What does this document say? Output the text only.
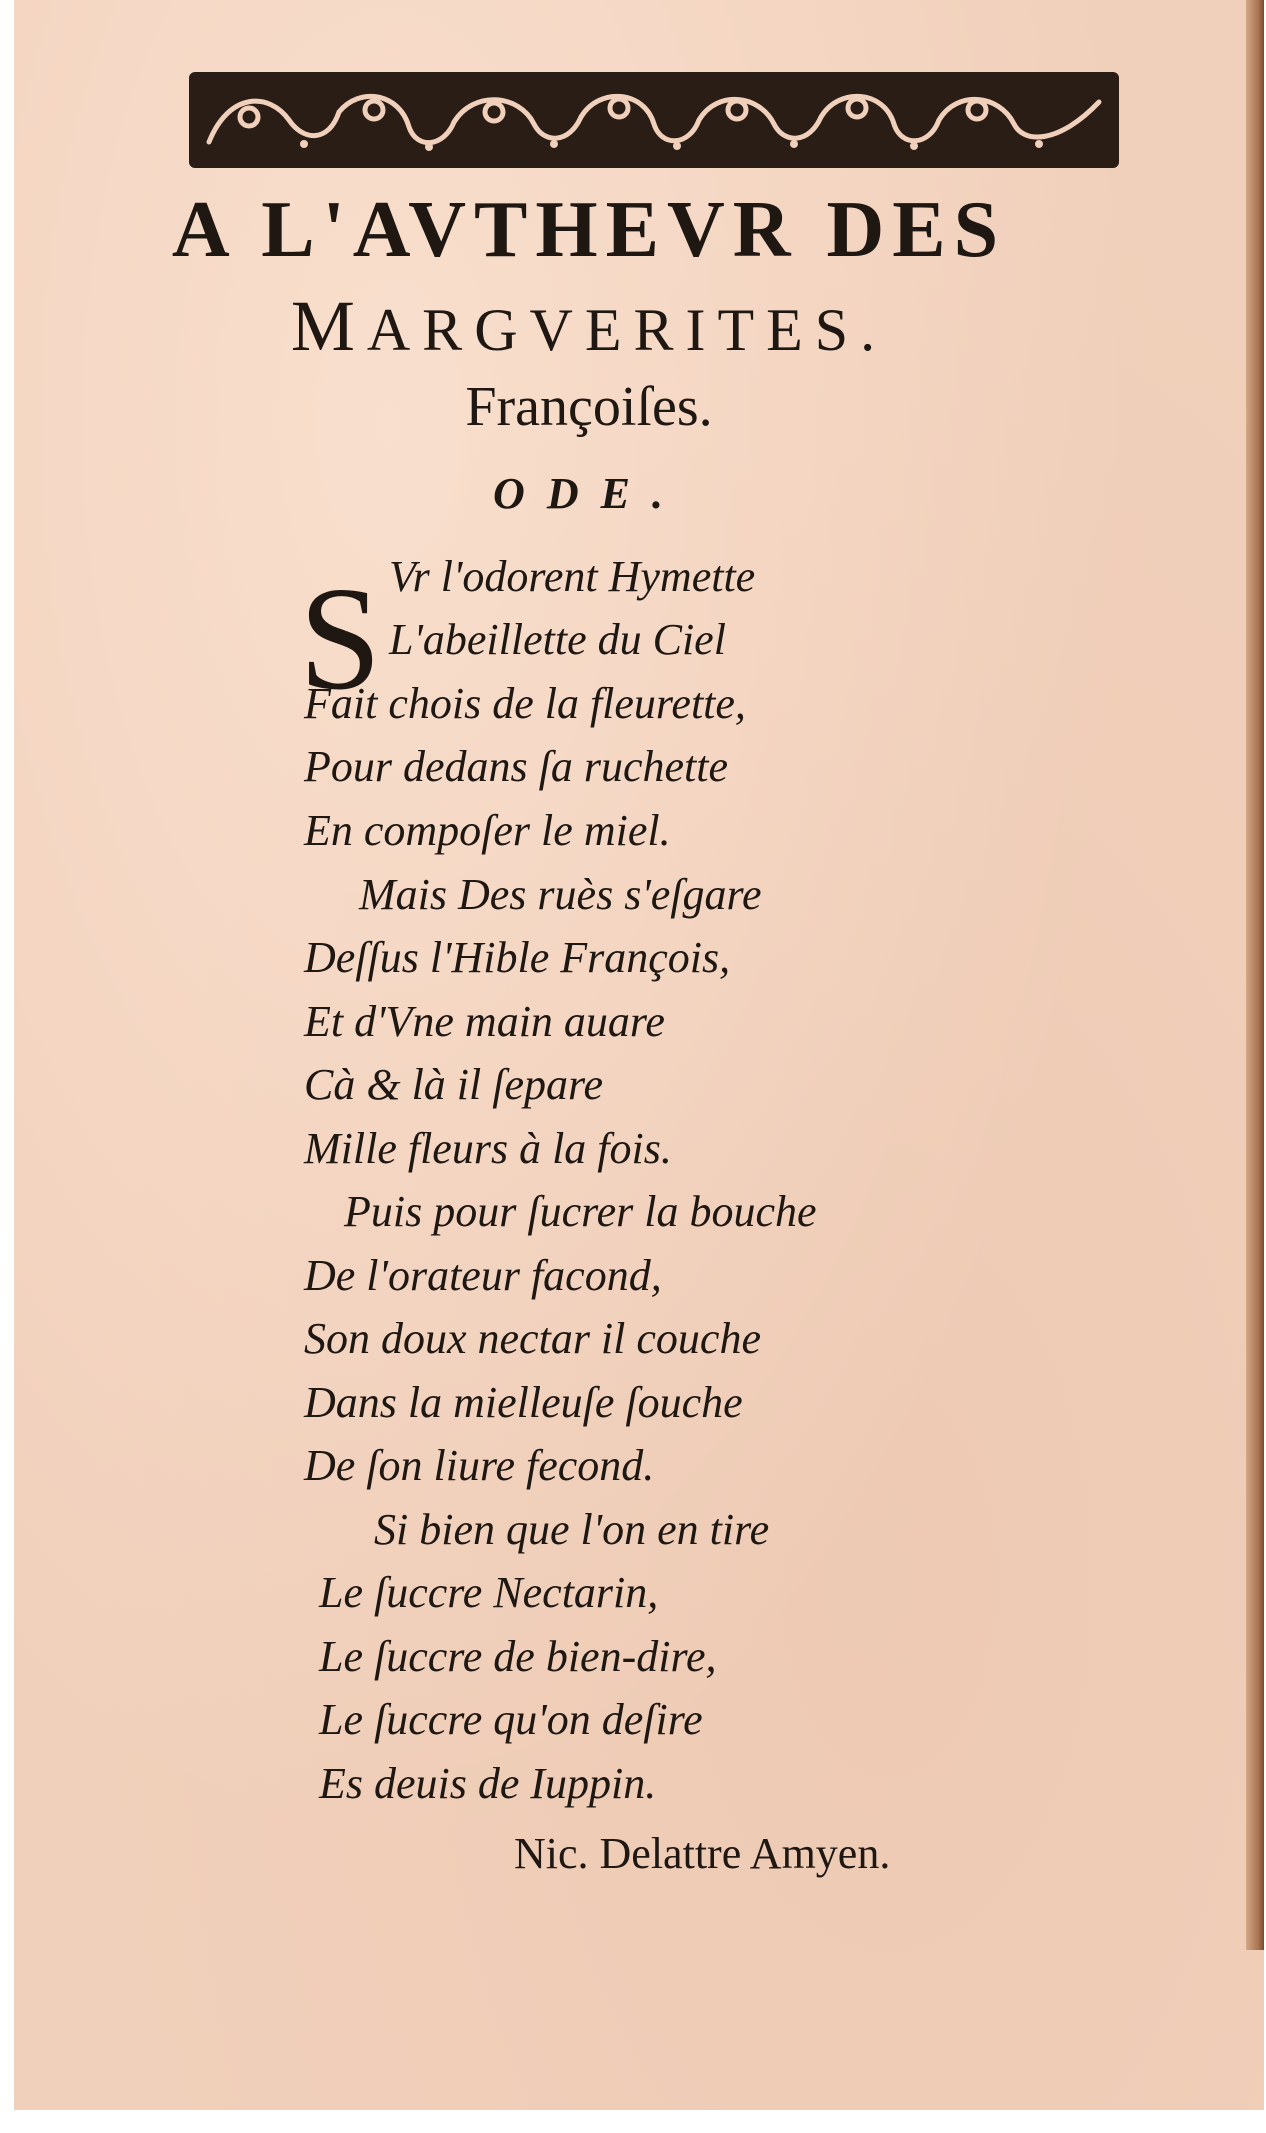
A L'AVTHEVR DES
MARGVERITES.
Françoiſes.
ODE.
S Vr l'odorent Hymette
L'abeillette du Ciel
Fait chois de la fleurette,
Pour dedans ſa ruchette
En compoſer le miel.
Mais Des ruès s'eſgare
Deſſus l'Hible François,
Et d'Vne main auare
Cà & là il ſepare
Mille fleurs à la fois.
Puis pour ſucrer la bouche
De l'orateur facond,
Son doux nectar il couche
Dans la mielleuſe ſouche
De ſon liure fecond.
Si bien que l'on en tire
Le ſuccre Nectarin,
Le ſuccre de bien-dire,
Le ſuccre qu'on deſire
Es deuis de Iuppin.
Nic. Delattre Amyen.
